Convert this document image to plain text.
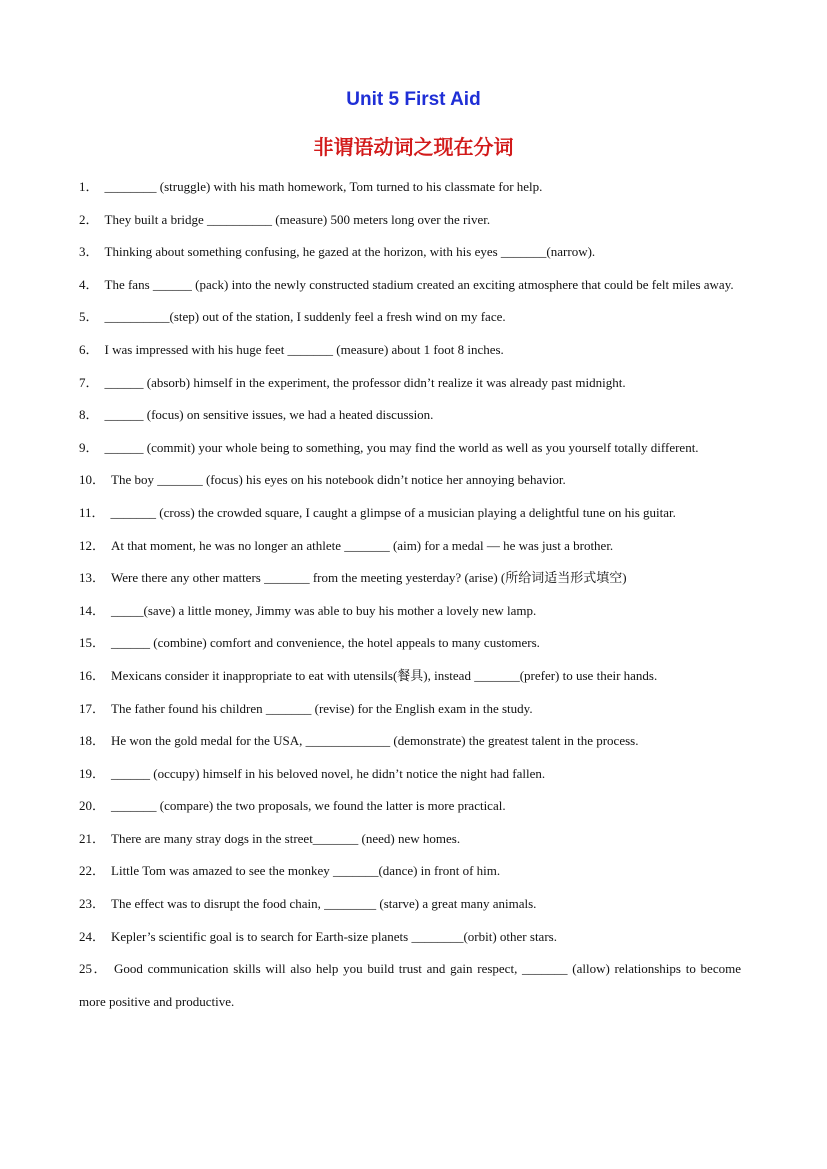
Unit 5 First Aid
非谓语动词之现在分词

1． ________ (struggle) with his math homework, Tom turned to his classmate for help.

2． They built a bridge __________ (measure) 500 meters long over the river.

3． Thinking about something confusing, he gazed at the horizon, with his eyes _______(narrow).

4． The fans ______ (pack) into the newly constructed stadium created an exciting atmosphere that could be felt miles away.

5． __________(step) out of the station, I suddenly feel a fresh wind on my face.

6． I was impressed with his huge feet _______ (measure) about 1 foot 8 inches.

7． ______ (absorb) himself in the experiment, the professor didn’t realize it was already past midnight.

8． ______ (focus) on sensitive issues, we had a heated discussion.

9． ______ (commit) your whole being to something, you may find the world as well as you yourself totally different.

10． The boy _______ (focus) his eyes on his notebook didn’t notice her annoying behavior.

11． _______ (cross) the crowded square, I caught a glimpse of a musician playing a delightful tune on his guitar.

12． At that moment, he was no longer an athlete _______ (aim) for a medal — he was just a brother.

13． Were there any other matters _______ from the meeting yesterday? (arise) (所给词适当形式填空)

14． _____(save) a little money, Jimmy was able to buy his mother a lovely new lamp.

15． ______ (combine) comfort and convenience, the hotel appeals to many customers.

16． Mexicans consider it inappropriate to eat with utensils(餐具), instead _______(prefer) to use their hands.

17． The father found his children _______ (revise) for the English exam in the study.

18． He won the gold medal for the USA, _____________ (demonstrate) the greatest talent in the process.

19． ______ (occupy) himself in his beloved novel, he didn’t notice the night had fallen.

20． _______ (compare) the two proposals, we found the latter is more practical.

21． There are many stray dogs in the street_______ (need) new homes.

22． Little Tom was amazed to see the monkey _______(dance) in front of him.

23． The effect was to disrupt the food chain, ________ (starve) a great many animals.

24． Kepler’s scientific goal is to search for Earth-size planets ________(orbit) other stars.

25． Good communication skills will also help you build trust and gain respect, _______ (allow) relationships to become more positive and productive.
